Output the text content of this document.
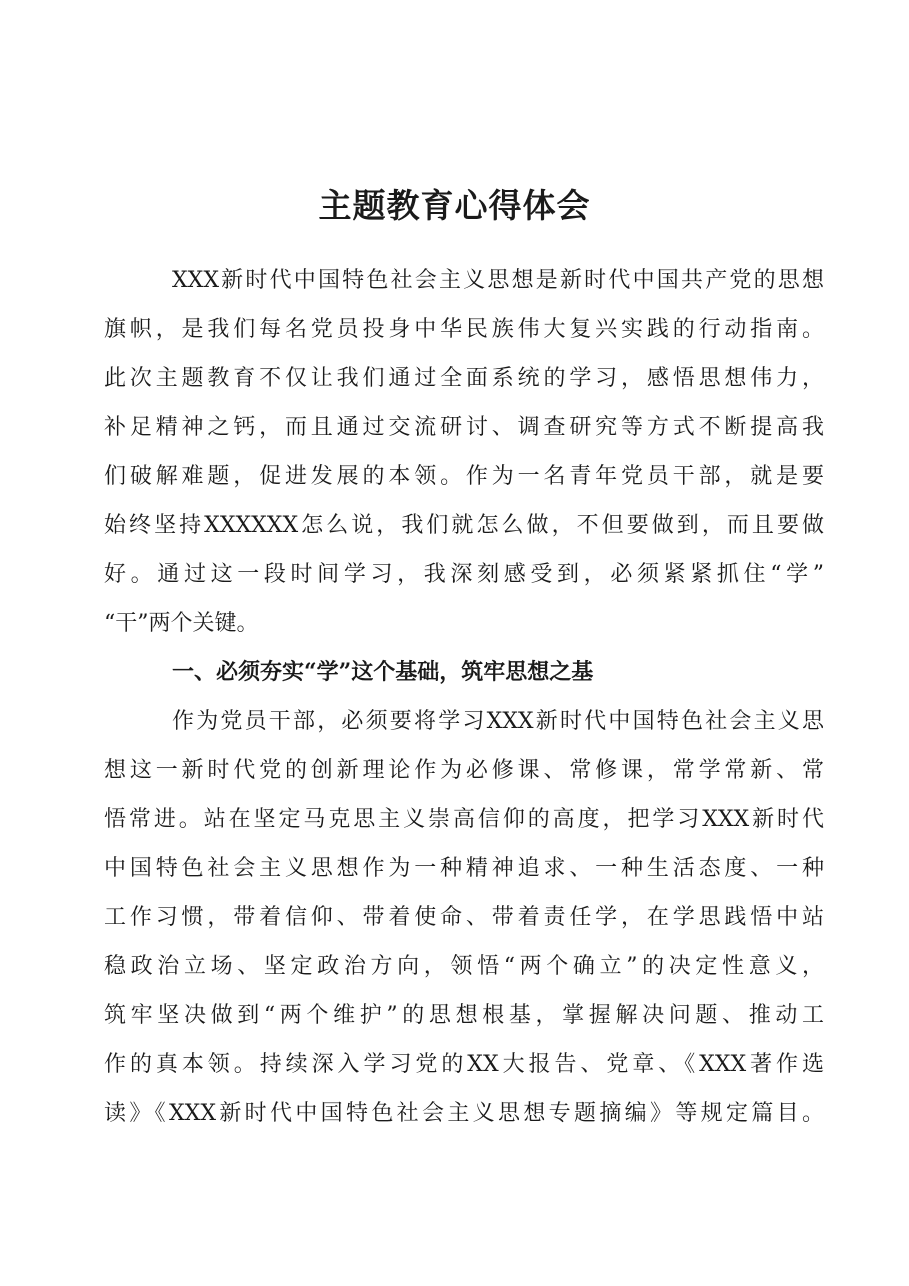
主题教育心得体会
XXX新时代中国特色社会主义思想是新时代中国共产党的思想
旗帜，是我们每名党员投身中华民族伟大复兴实践的行动指南。
此次主题教育不仅让我们通过全面系统的学习，感悟思想伟力，
补足精神之钙，而且通过交流研讨、调查研究等方式不断提高我
们破解难题，促进发展的本领。作为一名青年党员干部，就是要
始终坚持XXXXXX怎么说，我们就怎么做，不但要做到，而且要做
好。通过这一段时间学习，我深刻感受到，必须紧紧抓住“学”
“干”两个关键。
一、必须夯实“学”这个基础，筑牢思想之基
作为党员干部，必须要将学习XXX新时代中国特色社会主义思
想这一新时代党的创新理论作为必修课、常修课，常学常新、常
悟常进。站在坚定马克思主义崇高信仰的高度，把学习XXX新时代
中国特色社会主义思想作为一种精神追求、一种生活态度、一种
工作习惯，带着信仰、带着使命、带着责任学，在学思践悟中站
稳政治立场、坚定政治方向，领悟“两个确立”的决定性意义，
筑牢坚决做到“两个维护”的思想根基，掌握解决问题、推动工
作的真本领。持续深入学习党的XX大报告、党章、《XXX著作选
读》《XXX新时代中国特色社会主义思想专题摘编》等规定篇目。
